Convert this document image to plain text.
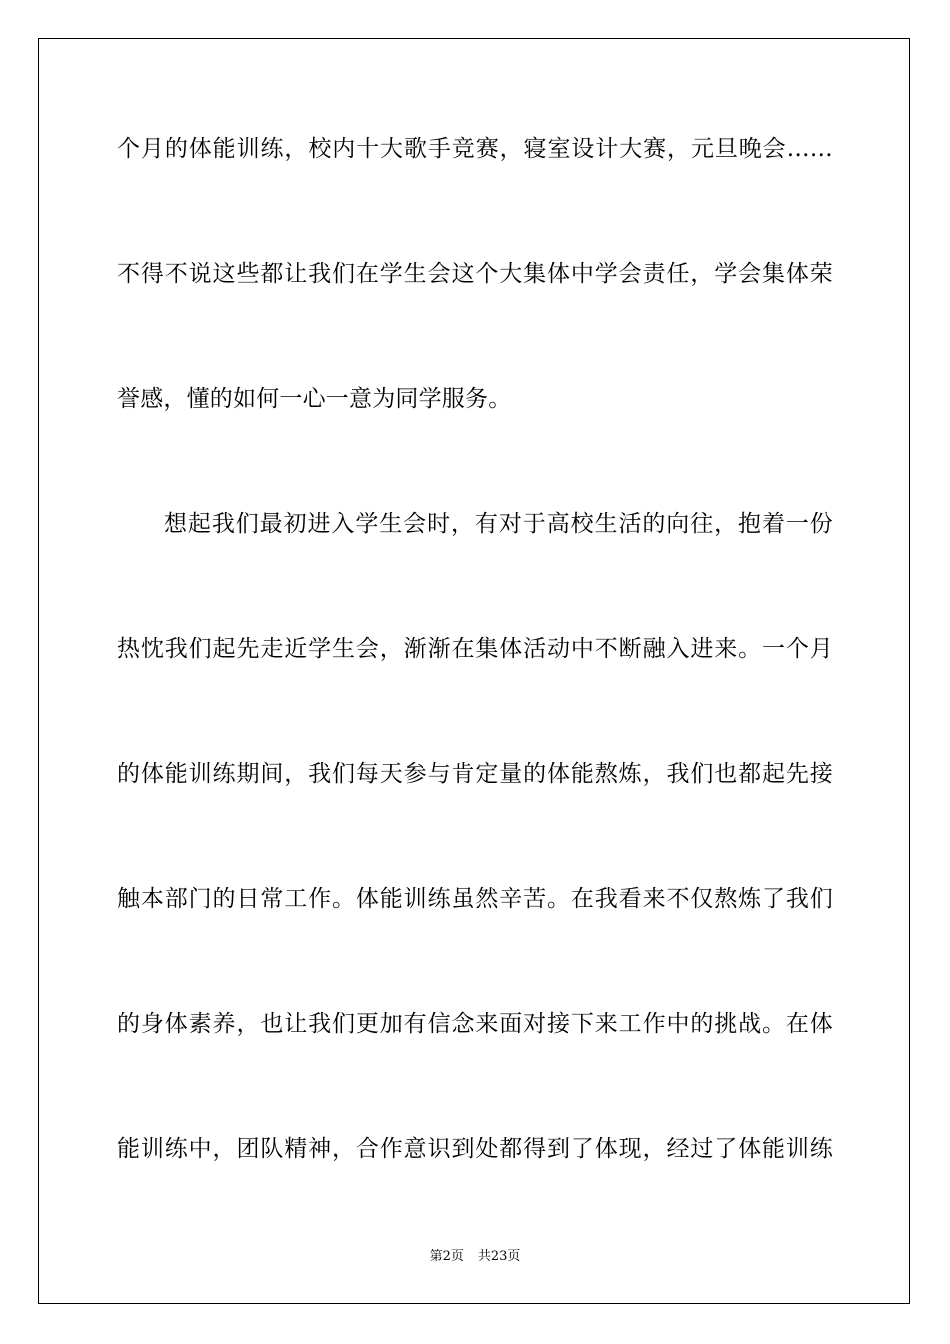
个月的体能训练，校内十大歌手竞赛，寝室设计大赛，元旦晚会……
不得不说这些都让我们在学生会这个大集体中学会责任，学会集体荣
誉感，懂的如何一心一意为同学服务。
想起我们最初进入学生会时，有对于高校生活的向往，抱着一份
热忱我们起先走近学生会，渐渐在集体活动中不断融入进来。一个月
的体能训练期间，我们每天参与肯定量的体能熬炼，我们也都起先接
触本部门的日常工作。体能训练虽然辛苦。在我看来不仅熬炼了我们
的身体素养，也让我们更加有信念来面对接下来工作中的挑战。在体
能训练中，团队精神，合作意识到处都得到了体现，经过了体能训练
第2页 共23页
